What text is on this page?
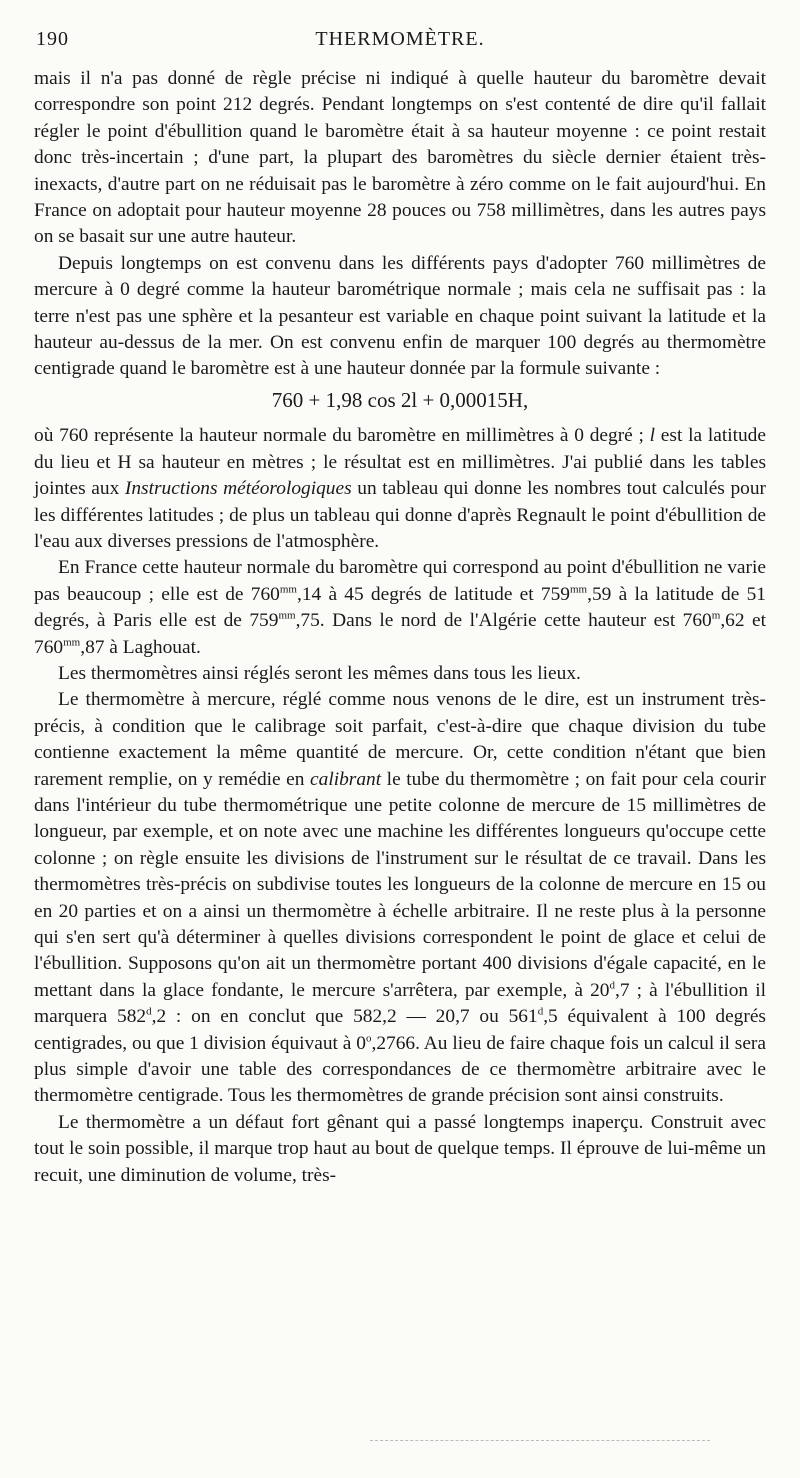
190	THERMOMÈTRE.

mais il n'a pas donné de règle précise ni indiqué à quelle hauteur du baromètre devait correspondre son point 212 degrés. Pendant longtemps on s'est contenté de dire qu'il fallait régler le point d'ébullition quand le baromètre était à sa hauteur moyenne : ce point restait donc très-incertain ; d'une part, la plupart des baromètres du siècle dernier étaient très-inexacts, d'autre part on ne réduisait pas le baromètre à zéro comme on le fait aujourd'hui. En France on adoptait pour hauteur moyenne 28 pouces ou 758 millimètres, dans les autres pays on se basait sur une autre hauteur.

Depuis longtemps on est convenu dans les différents pays d'adopter 760 millimètres de mercure à 0 degré comme la hauteur barométrique normale ; mais cela ne suffisait pas : la terre n'est pas une sphère et la pesanteur est variable en chaque point suivant la latitude et la hauteur au-dessus de la mer. On est convenu enfin de marquer 100 degrés au thermomètre centigrade quand le baromètre est à une hauteur donnée par la formule suivante :

760 + 1,98 cos 2l + 0,00015H,

où 760 représente la hauteur normale du baromètre en millimètres à 0 degré ; l est la latitude du lieu et H sa hauteur en mètres ; le résultat est en millimètres. J'ai publié dans les tables jointes aux Instructions météorologiques un tableau qui donne les nombres tout calculés pour les différentes latitudes ; de plus un tableau qui donne d'après Regnault le point d'ébullition de l'eau aux diverses pressions de l'atmosphère.

En France cette hauteur normale du baromètre qui correspond au point d'ébullition ne varie pas beaucoup ; elle est de $760^{mm},14$ à 45 degrés de latitude et $759^{mm},59$ à la latitude de 51 degrés, à Paris elle est de $759^{mm},75$. Dans le nord de l'Algérie cette hauteur est 760$^m$,62 et $760^{mm},87$ à Laghouat.

Les thermomètres ainsi réglés seront les mêmes dans tous les lieux.

Le thermomètre à mercure, réglé comme nous venons de le dire, est un instrument très-précis, à condition que le calibrage soit parfait, c'est-à-dire que chaque division du tube contienne exactement la même quantité de mercure. Or, cette condition n'étant que bien rarement remplie, on y remédie en calibrant le tube du thermomètre ; on fait pour cela courir dans l'intérieur du tube thermométrique une petite colonne de mercure de 15 millimètres de longueur, par exemple, et on note avec une machine les différentes longueurs qu'occupe cette colonne ; on règle ensuite les divisions de l'instrument sur le résultat de ce travail. Dans les thermomètres très-précis on subdivise toutes les longueurs de la colonne de mercure en 15 ou en 20 parties et on a ainsi un thermomètre à échelle arbitraire. Il ne reste plus à la personne qui s'en sert qu'à déterminer à quelles divisions correspondent le point de glace et celui de l'ébullition. Supposons qu'on ait un thermomètre portant 400 divisions d'égale capacité, en le mettant dans la glace fondante, le mercure s'arrêtera, par exemple, à 20$^d$,7 ; à l'ébullition il marquera 582$^d$,2 : on en conclut que 582,2 — 20,7 ou 561$^d$,5 équivalent à 100 degrés centigrades, ou que 1 division équivaut à 0$^o$,2766. Au lieu de faire chaque fois un calcul il sera plus simple d'avoir une table des correspondances de ce thermomètre arbitraire avec le thermomètre centigrade. Tous les thermomètres de grande précision sont ainsi construits.

Le thermomètre a un défaut fort gênant qui a passé longtemps inaperçu. Construit avec tout le soin possible, il marque trop haut au bout de quelque temps. Il éprouve de lui-même un recuit, une diminution de volume, très-
